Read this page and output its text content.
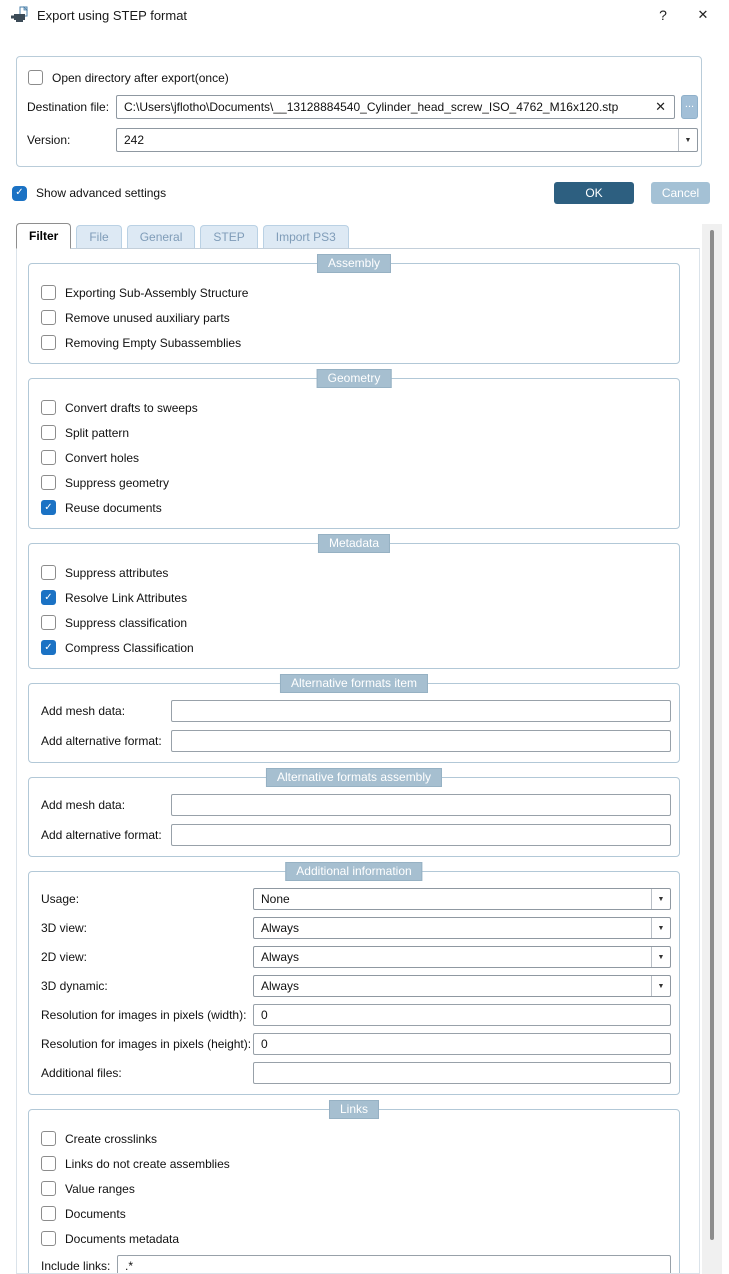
Export using STEP format	?	✕
Open directory after export(once)
Destination file:
C:\Users\jflotho\Documents\__13128884540_Cylinder_head_screw_ISO_4762_M16x120.stp	✕	...
Version:	242	▼
✓ Show advanced settings	OK	Cancel
Filter	File	General	STEP	Import PS3
Assembly
Exporting Sub-Assembly Structure
Remove unused auxiliary parts
Removing Empty Subassemblies
Geometry
Convert drafts to sweeps
Split pattern
Convert holes
Suppress geometry
✓ Reuse documents
Metadata
Suppress attributes
✓ Resolve Link Attributes
Suppress classification
✓ Compress Classification
Alternative formats item
Add mesh data:
Add alternative format:
Alternative formats assembly
Add mesh data:
Add alternative format:
Additional information
Usage:	None	▼
3D view:	Always	▼
2D view:	Always	▼
3D dynamic:	Always	▼
Resolution for images in pixels (width):
0
Resolution for images in pixels (height):
0
Additional files:
Links
Create crosslinks
Links do not create assemblies
Value ranges
Documents
Documents metadata
Include links:
.*
